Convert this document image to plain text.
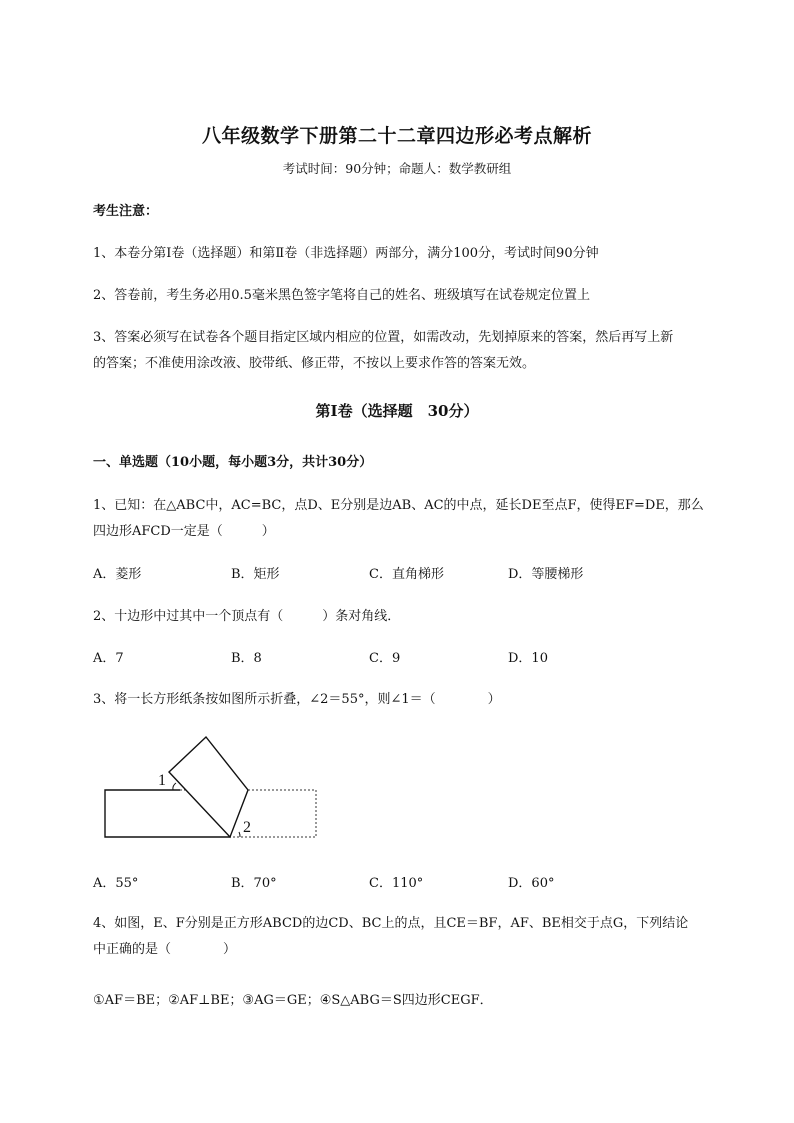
八年级数学下册第二十二章四边形必考点解析
考试时间：90分钟；命题人：数学教研组
考生注意：
1、本卷分第I卷（选择题）和第Ⅱ卷（非选择题）两部分，满分100分，考试时间90分钟
2、答卷前，考生务必用0.5毫米黑色签字笔将自己的姓名、班级填写在试卷规定位置上
3、答案必须写在试卷各个题目指定区域内相应的位置，如需改动，先划掉原来的答案，然后再写上新
的答案；不准使用涂改液、胶带纸、修正带，不按以上要求作答的答案无效。
第I卷（选择题　30分）
一、单选题（10小题，每小题3分，共计30分）
1、已知：在△ABC中，AC=BC，点D、E分别是边AB、AC的中点，延长DE至点F，使得EF=DE，那么
四边形AFCD一定是（　　　）
A．菱形	B．矩形	C．直角梯形	D．等腰梯形
2、十边形中过其中一个顶点有（　　　）条对角线．
A．7	B．8	C．9	D．10
3、将一长方形纸条按如图所示折叠，∠2＝55°，则∠1＝（　　　　）
1
2
A．55°	B．70°	C．110°	D．60°
4、如图，E、F分别是正方形ABCD的边CD、BC上的点，且CE＝BF，AF、BE相交于点G，下列结论
中正确的是（　　　　）
①AF＝BE；②AF⊥BE；③AG＝GE；④S△ABG＝S四边形CEGF．
